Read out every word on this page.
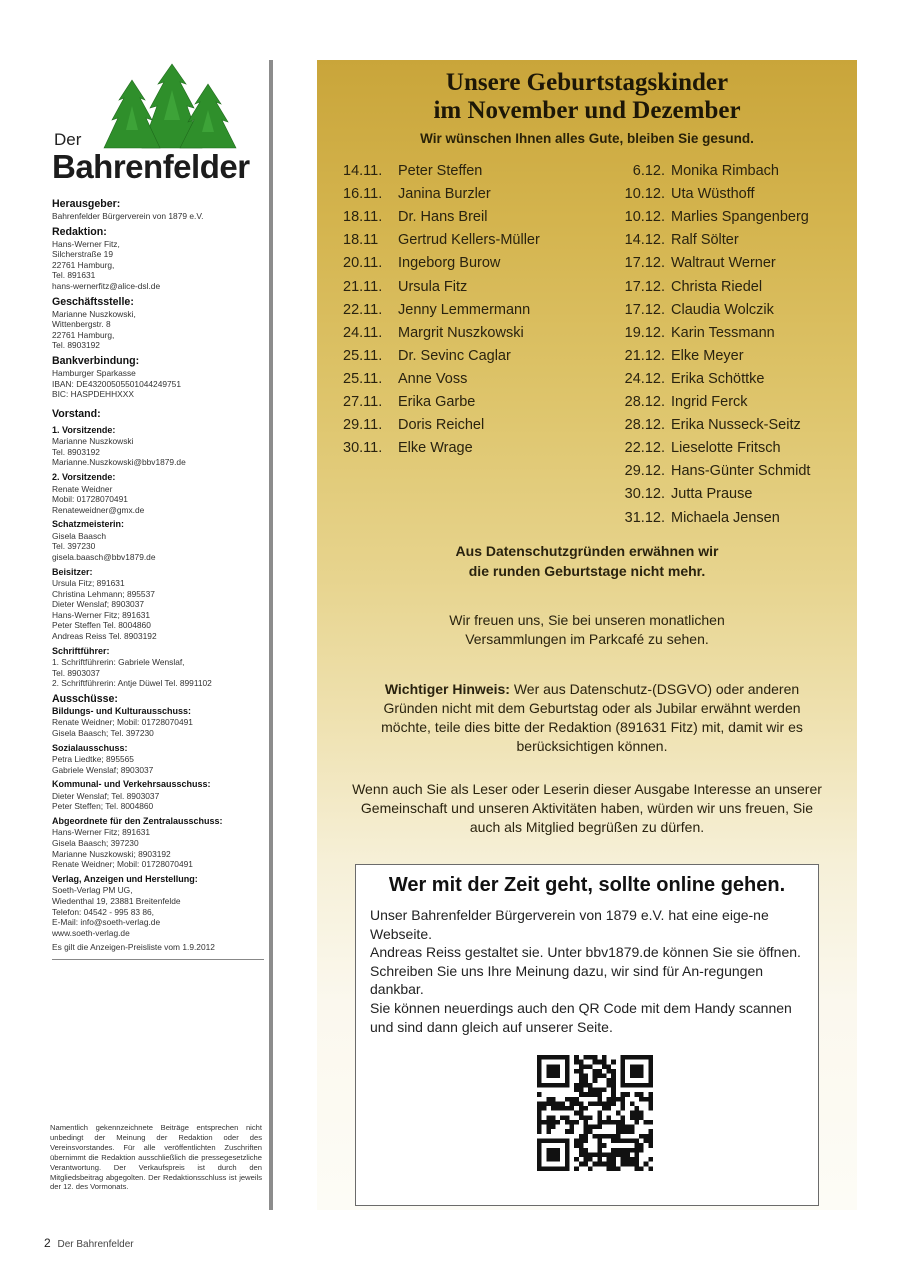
Der
Bahrenfelder
Herausgeber:
Bahrenfelder Bürgerverein von 1879 e.V.
Redaktion:
Hans-Werner Fitz,
Silcherstraße 19
22761 Hamburg,
Tel. 891631
hans-wernerfitz@alice-dsl.de
Geschäftsstelle:
Marianne Nuszkowski,
Wittenbergstr. 8
22761 Hamburg,
Tel. 8903192
Bankverbindung:
Hamburger Sparkasse
IBAN: DE43200505501044249751
BIC: HASPDEHHXXX
Vorstand:
1. Vorsitzende:
Marianne Nuszkowski
Tel. 8903192
Marianne.Nuszkowski@bbv1879.de
2. Vorsitzende:
Renate Weidner
Mobil: 01728070491
Renateweidner@gmx.de
Schatzmeisterin:
Gisela Baasch
Tel. 397230
gisela.baasch@bbv1879.de
Beisitzer:
Ursula Fitz; 891631
Christina Lehmann; 895537
Dieter Wenslaf; 8903037
Hans-Werner Fitz; 891631
Peter Steffen Tel. 8004860
Andreas Reiss Tel. 8903192
Schriftführer:
1. Schriftführerin: Gabriele Wenslaf,
Tel. 8903037
2. Schriftführerin: Antje Düwel Tel. 8991102
Ausschüsse:
Bildungs- und Kulturausschuss:
Renate Weidner; Mobil: 01728070491
Gisela Baasch; Tel. 397230
Sozialausschuss:
Petra Liedtke; 895565
Gabriele Wenslaf; 8903037
Kommunal- und Verkehrsausschuss:
Dieter Wenslaf; Tel. 8903037
Peter Steffen; Tel. 8004860
Abgeordnete für den Zentralausschuss:
Hans-Werner Fitz; 891631
Gisela Baasch; 397230
Marianne Nuszkowski; 8903192
Renate Weidner; Mobil: 01728070491
Verlag, Anzeigen und Herstellung:
Soeth-Verlag PM UG,
Wiedenthal 19, 23881 Breitenfelde
Telefon: 04542 - 995 83 86,
E-Mail: info@soeth-verlag.de
www.soeth-verlag.de
Es gilt die Anzeigen-Preisliste vom 1.9.2012
Namentlich gekennzeichnete Beiträge entsprechen nicht unbedingt der Meinung der Redaktion oder des Vereinsvorstandes. Für alle veröffentlichten Zuschriften übernimmt die Redaktion ausschließlich die pressegesetzliche Verantwortung. Der Verkaufspreis ist durch den Mitgliedsbeitrag abgegolten. Der Redaktionsschluss ist jeweils der 12. des Vormonats.
2 Der Bahrenfelder
Unsere Geburtstagskinder
im November und Dezember
Wir wünschen Ihnen alles Gute, bleiben Sie gesund.
14.11. Peter Steffen
16.11. Janina Burzler
18.11. Dr. Hans Breil
18.11 Gertrud Kellers-Müller
20.11. Ingeborg Burow
21.11. Ursula Fitz
22.11. Jenny Lemmermann
24.11. Margrit Nuszkowski
25.11. Dr. Sevinc Caglar
25.11. Anne Voss
27.11. Erika Garbe
29.11. Doris Reichel
30.11. Elke Wrage
6.12. Monika Rimbach
10.12. Uta Wüsthoff
10.12. Marlies Spangenberg
14.12. Ralf Sölter
17.12. Waltraut Werner
17.12. Christa Riedel
17.12. Claudia Wolczik
19.12. Karin Tessmann
21.12. Elke Meyer
24.12. Erika Schöttke
28.12. Ingrid Ferck
28.12. Erika Nusseck-Seitz
22.12. Lieselotte Fritsch
29.12. Hans-Günter Schmidt
30.12. Jutta Prause
31.12. Michaela Jensen
Aus Datenschutzgründen erwähnen wir
die runden Geburtstage nicht mehr.
Wir freuen uns, Sie bei unseren monatlichen
Versammlungen im Parkcafé zu sehen.
Wichtiger Hinweis: Wer aus Datenschutz-(DSGVO) oder anderen Gründen nicht mit dem Geburtstag oder als Jubilar erwähnt werden möchte, teile dies bitte der Redaktion (891631 Fitz) mit, damit wir es berücksichtigen können.
Wenn auch Sie als Leser oder Leserin dieser Ausgabe Interesse an unserer Gemeinschaft und unseren Aktivitäten haben, würden wir uns freuen, Sie auch als Mitglied begrüßen zu dürfen.
Wer mit der Zeit geht, sollte online gehen.
Unser Bahrenfelder Bürgerverein von 1879 e.V. hat eine eige-ne Webseite.
Andreas Reiss gestaltet sie. Unter bbv1879.de können Sie sie öffnen. Schreiben Sie uns Ihre Meinung dazu, wir sind für An-regungen dankbar.
Sie können neuerdings auch den QR Code mit dem Handy scannen und sind dann gleich auf unserer Seite.
